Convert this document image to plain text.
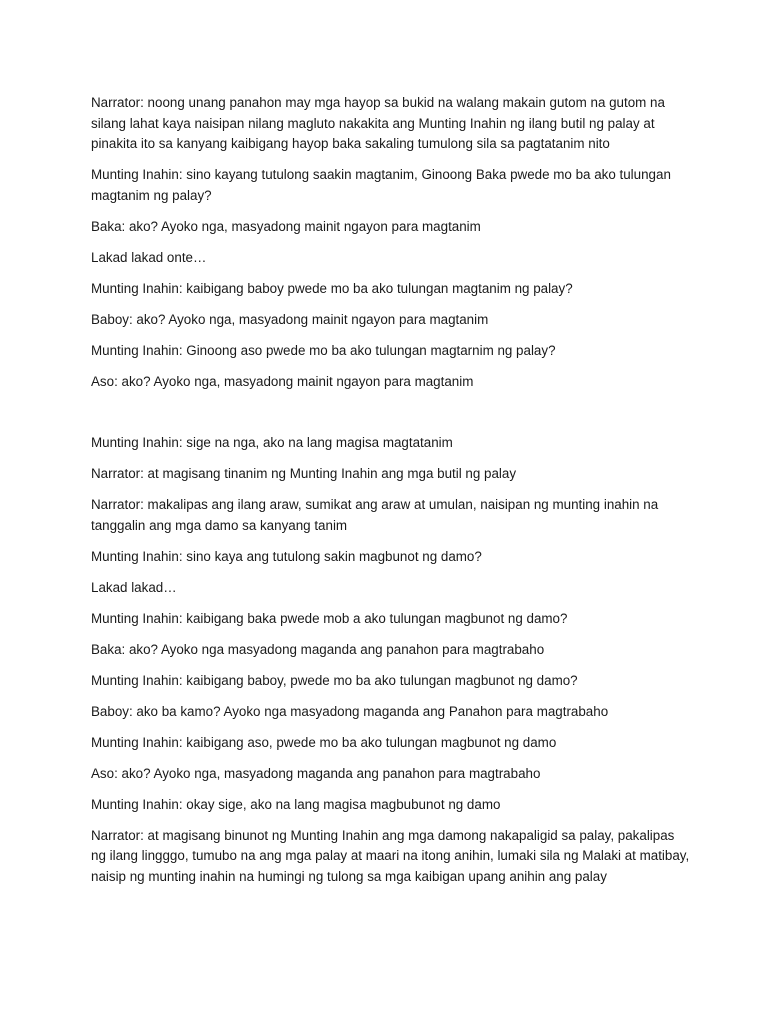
Narrator: noong unang panahon may mga hayop sa bukid na walang makain gutom na gutom na silang lahat kaya naisipan nilang magluto nakakita ang Munting Inahin ng ilang butil ng palay at pinakita ito sa kanyang kaibigang hayop baka sakaling tumulong sila sa pagtatanim nito

Munting Inahin: sino kayang tutulong saakin magtanim, Ginoong Baka pwede mo ba ako tulungan magtanim ng palay?

Baka: ako? Ayoko nga, masyadong mainit ngayon para magtanim

Lakad lakad onte…

Munting Inahin: kaibigang baboy pwede mo ba ako tulungan magtanim ng palay?

Baboy: ako? Ayoko nga, masyadong mainit ngayon para magtanim

Munting Inahin: Ginoong aso pwede mo ba ako tulungan magtarnim ng palay?

Aso: ako? Ayoko nga, masyadong mainit ngayon para magtanim

Munting Inahin: sige na nga, ako na lang magisa magtatanim

Narrator: at magisang tinanim ng Munting Inahin ang mga butil ng palay

Narrator: makalipas ang ilang araw, sumikat ang araw at umulan, naisipan ng munting inahin na tanggalin ang mga damo sa kanyang tanim

Munting Inahin: sino kaya ang tutulong sakin magbunot ng damo?

Lakad lakad…

Munting Inahin: kaibigang baka pwede mob a ako tulungan magbunot ng damo?

Baka: ako? Ayoko nga masyadong maganda ang panahon para magtrabaho

Munting Inahin: kaibigang baboy, pwede mo ba ako tulungan magbunot ng damo?

Baboy: ako ba kamo? Ayoko nga masyadong maganda ang Panahon para magtrabaho

Munting Inahin: kaibigang aso, pwede mo ba ako tulungan magbunot ng damo

Aso: ako? Ayoko nga, masyadong maganda ang panahon para magtrabaho

Munting Inahin: okay sige, ako na lang magisa magbubunot ng damo

Narrator: at magisang binunot ng Munting Inahin ang mga damong nakapaligid sa palay, pakalipas ng ilang lingggo, tumubo na ang mga palay at maari na itong anihin, lumaki sila ng Malaki at matibay, naisip ng munting inahin na humingi ng tulong sa mga kaibigan upang anihin ang palay
